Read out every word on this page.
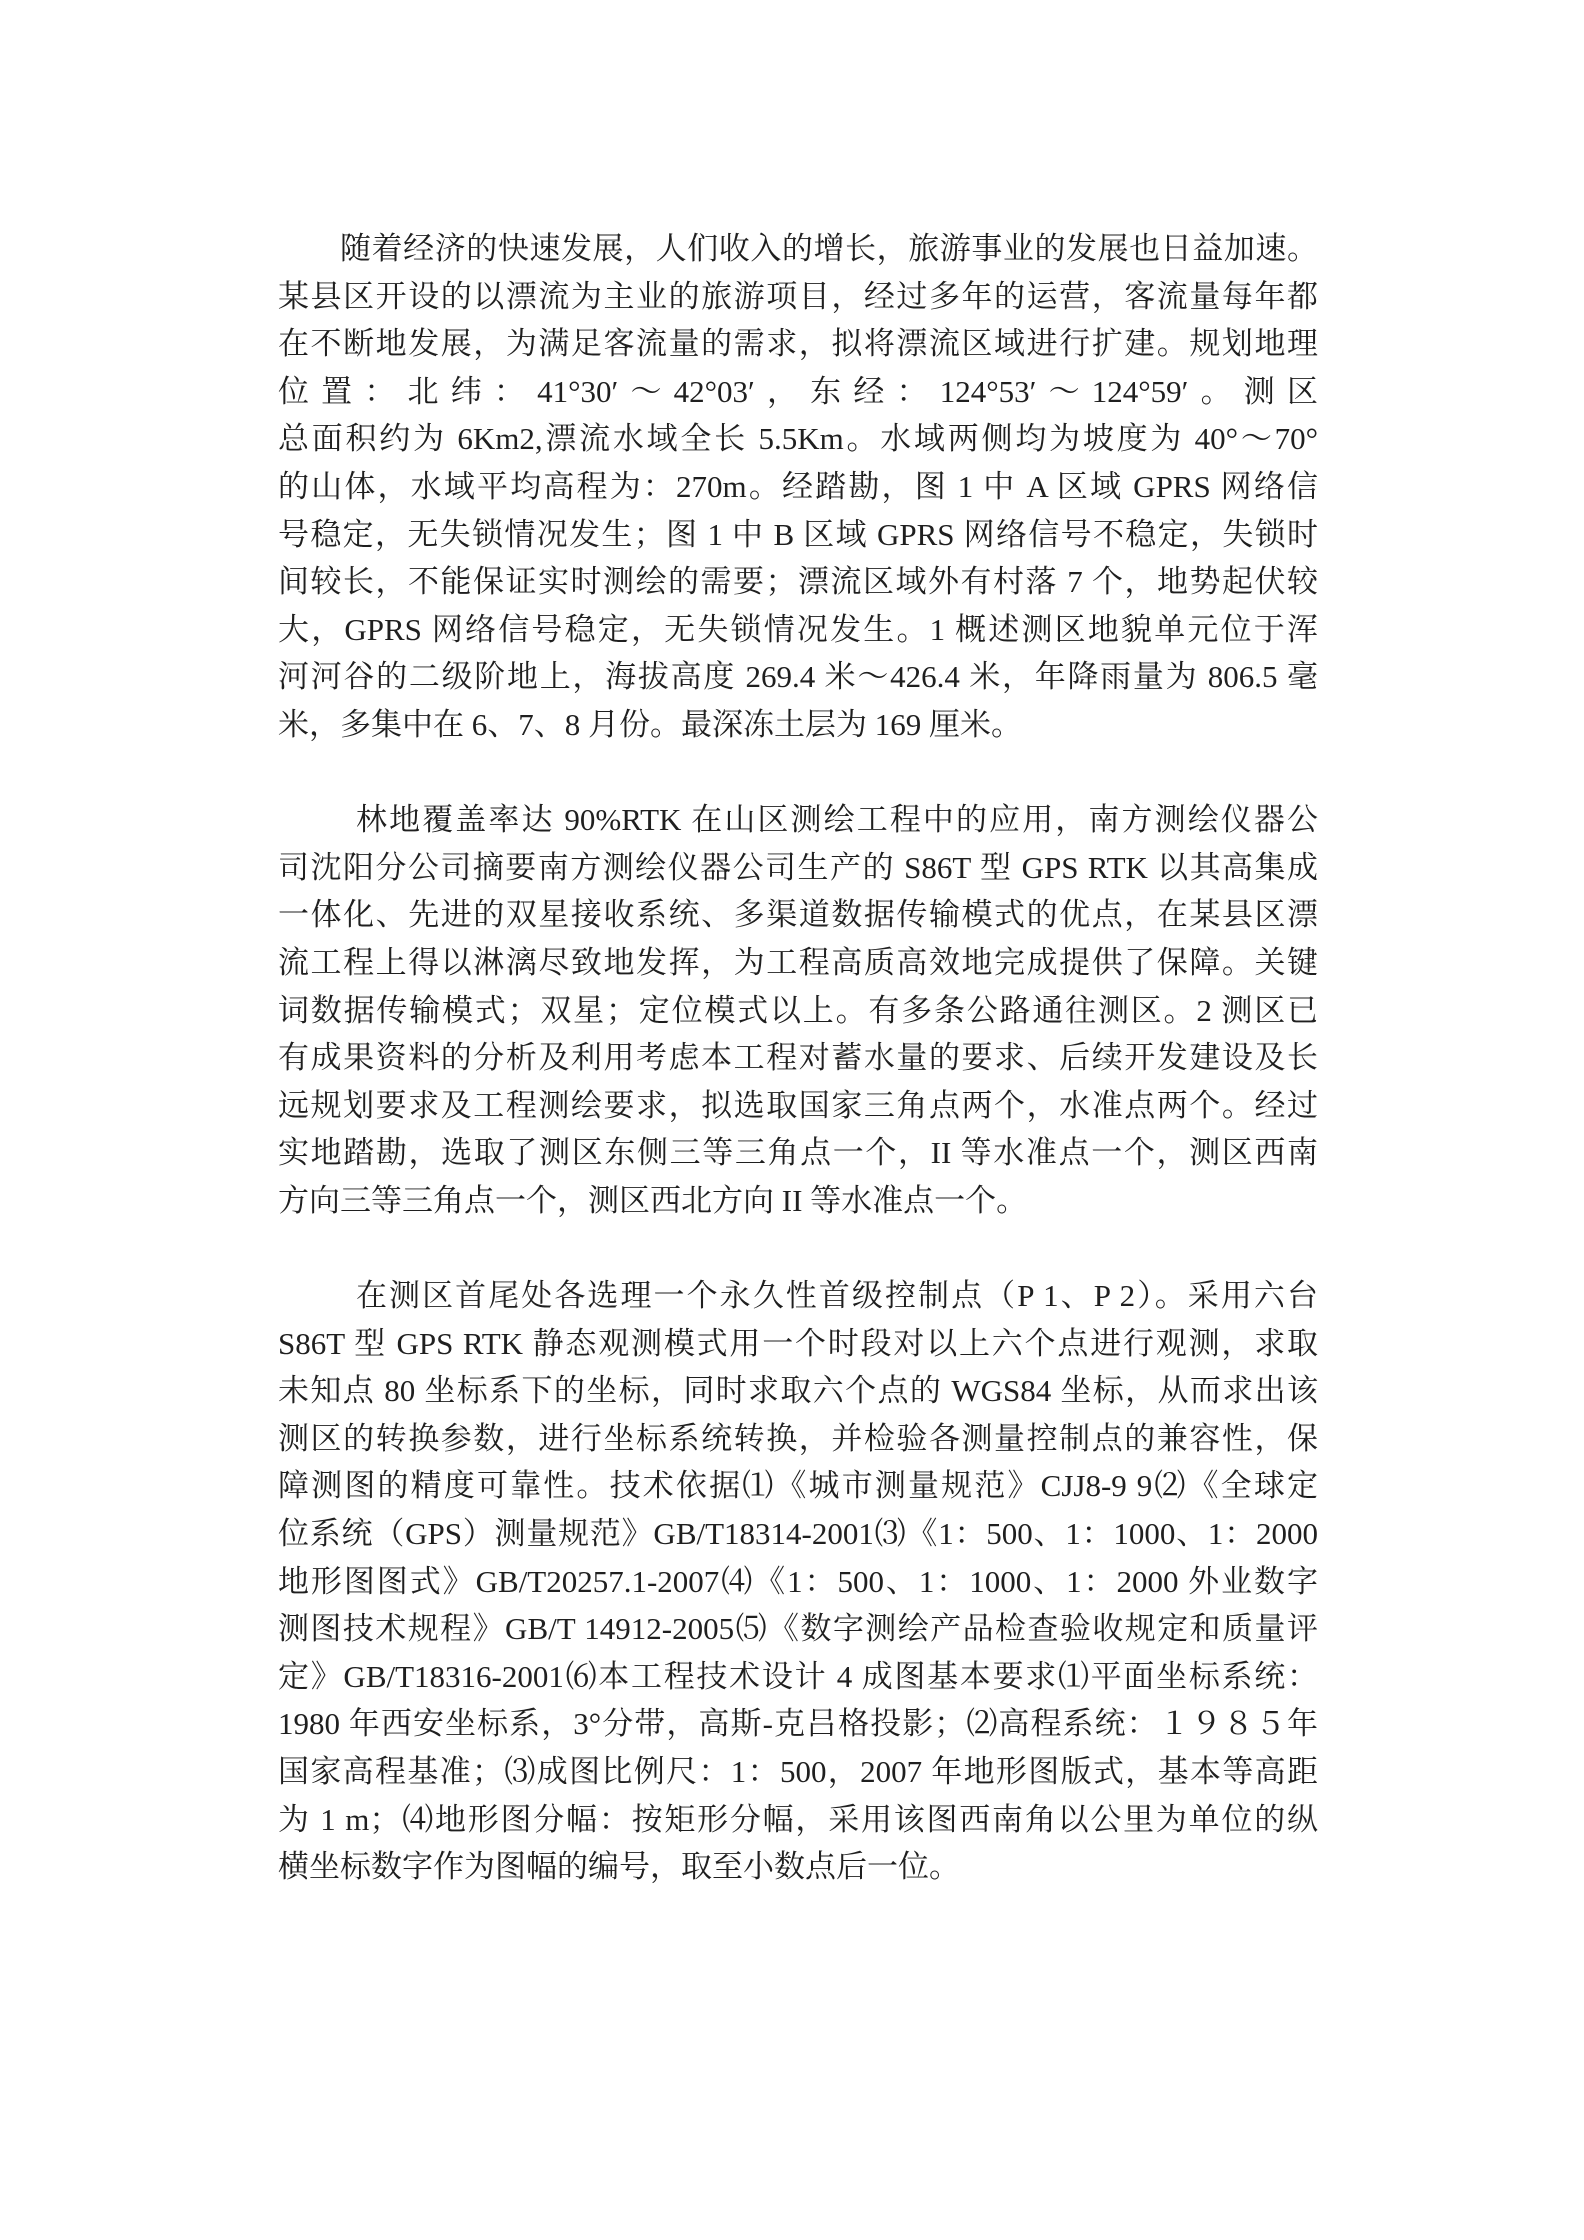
随着经济的快速发展，人们收入的增长，旅游事业的发展也日益加速。
某县区开设的以漂流为主业的旅游项目，经过多年的运营，客流量每年都
在不断地发展，为满足客流量的需求，拟将漂流区域进行扩建。规划地理
位置：北纬：41°30′～42°03′，东经：124°53′～124°59′。测区
总面积约为 6Km2,漂流水域全长 5.5Km。水域两侧均为坡度为 40°～70°
的山体，水域平均高程为：270m。经踏勘，图 1 中 A 区域 GPRS 网络信
号稳定，无失锁情况发生；图 1 中 B 区域 GPRS 网络信号不稳定，失锁时
间较长，不能保证实时测绘的需要；漂流区域外有村落 7 个，地势起伏较
大，GPRS 网络信号稳定，无失锁情况发生。1 概述测区地貌单元位于浑
河河谷的二级阶地上，海拔高度 269.4 米～426.4 米，年降雨量为 806.5 毫
米，多集中在 6、7、8 月份。最深冻土层为 169 厘米。
林地覆盖率达 90%RTK 在山区测绘工程中的应用，南方测绘仪器公
司沈阳分公司摘要南方测绘仪器公司生产的 S86T 型 GPS RTK 以其高集成
一体化、先进的双星接收系统、多渠道数据传输模式的优点，在某县区漂
流工程上得以淋漓尽致地发挥，为工程高质高效地完成提供了保障。关键
词数据传输模式；双星；定位模式以上。有多条公路通往测区。2 测区已
有成果资料的分析及利用考虑本工程对蓄水量的要求、后续开发建设及长
远规划要求及工程测绘要求，拟选取国家三角点两个，水准点两个。经过
实地踏勘，选取了测区东侧三等三角点一个，II 等水准点一个，测区西南
方向三等三角点一个，测区西北方向 II 等水准点一个。
在测区首尾处各选理一个永久性首级控制点（P 1、P 2）。采用六台
S86T 型 GPS RTK 静态观测模式用一个时段对以上六个点进行观测，求取
未知点 80 坐标系下的坐标，同时求取六个点的 WGS84 坐标，从而求出该
测区的转换参数，进行坐标系统转换，并检验各测量控制点的兼容性，保
障测图的精度可靠性。技术依据⑴《城市测量规范》CJJ8-9 9⑵《全球定
位系统（GPS）测量规范》GB/T18314-2001⑶《1：500、1：1000、1：2000
地形图图式》GB/T20257.1-2007⑷《1：500、1：1000、1：2000 外业数字
测图技术规程》GB/T 14912-2005⑸《数字测绘产品检查验收规定和质量评
定》GB/T18316-2001⑹本工程技术设计 4 成图基本要求⑴平面坐标系统：
1980 年西安坐标系，3°分带，高斯-克吕格投影；⑵高程系统：１９８５年
国家高程基准；⑶成图比例尺：1：500，2007 年地形图版式，基本等高距
为 1 m；⑷地形图分幅：按矩形分幅，采用该图西南角以公里为单位的纵
横坐标数字作为图幅的编号，取至小数点后一位。
